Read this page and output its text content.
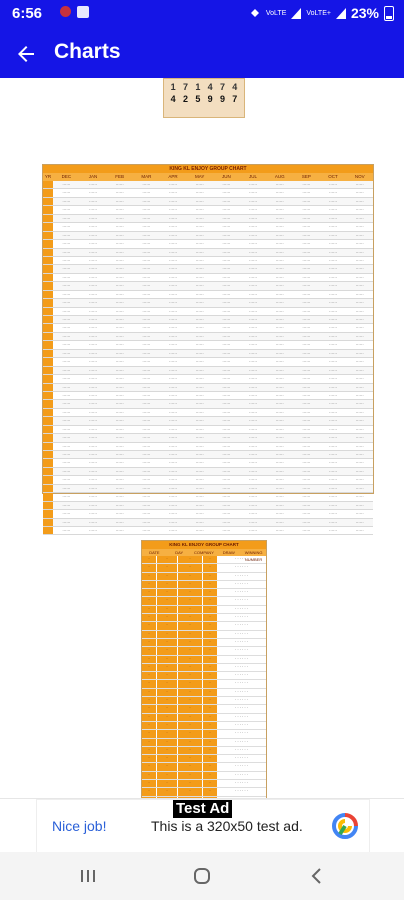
6:56	VoLTE	VoLTE+ 23%
Charts
1 7 1 4 7 4
4 2 5 9 9 7
KING KL ENJOY GROUP CHART
YR	DEC	JAN	FEB	MAR	APR	MAY	JUN	JUL	AUG	SEP	OCT	NOV
······	······	······	······	······	······	······	······	······	······	······	······
······	······	······	······	······	······	······	······	······	······	······	······
······	······	······	······	······	······	······	······	······	······	······	······
······	······	······	······	······	······	······	······	······	······	······	······
······	······	······	······	······	······	······	······	······	······	······	······
······	······	······	······	······	······	······	······	······	······	······	······
······	······	······	······	······	······	······	······	······	······	······	······
······	······	······	······	······	······	······	······	······	······	······	······
······	······	······	······	······	······	······	······	······	······	······	······
······	······	······	······	······	······	······	······	······	······	······	······
······	······	······	······	······	······	······	······	······	······	······	······
······	······	······	······	······	······	······	······	······	······	······	······
······	······	······	······	······	······	······	······	······	······	······	······
······	······	······	······	······	······	······	······	······	······	······	······
······	······	······	······	······	······	······	······	······	······	······	······
······	······	······	······	······	······	······	······	······	······	······	······
······	······	······	······	······	······	······	······	······	······	······	······
······	······	······	······	······	······	······	······	······	······	······	······
······	······	······	······	······	······	······	······	······	······	······	······
······	······	······	······	······	······	······	······	······	······	······	······
······	······	······	······	······	······	······	······	······	······	······	······
······	······	······	······	······	······	······	······	······	······	······	······
······	······	······	······	······	······	······	······	······	······	······	······
······	······	······	······	······	······	······	······	······	······	······	······
······	······	······	······	······	······	······	······	······	······	······	······
······	······	······	······	······	······	······	······	······	······	······	······
······	······	······	······	······	······	······	······	······	······	······	······
······	······	······	······	······	······	······	······	······	······	······	······
······	······	······	······	······	······	······	······	······	······	······	······
······	······	······	······	······	······	······	······	······	······	······	······
······	······	······	······	······	······	······	······	······	······	······	······
······	······	······	······	······	······	······	······	······	······	······	······
······	······	······	······	······	······	······	······	······	······	······	······
······	······	······	······	······	······	······	······	······	······	······	······
······	······	······	······	······	······	······	······	······	······	······	······
······	······	······	······	······	······	······	······	······	······	······	······
······	······	······	······	······	······	······	······	······	······	······	······
······	······	······	······	······	······	······	······	······	······	······	······
······	······	······	······	······	······	······	······	······	······	······	······
······	······	······	······	······	······	······	······	······	······	······	······
······	······	······	······	······	······	······	······	······	······	······	······
······	······	······	······	······	······	······	······	······	······	······	······
KING KL ENJOY GROUP CHART
DATE	DAY	COMPANY	DRAW	WINNING NUMBER
·	·	·	·	· · · · · ·
·	·	·	·	· · · · · ·
·	·	·	·	· · · · · ·
·	·	·	·	· · · · · ·
·	·	·	·	· · · · · ·
·	·	·	·	· · · · · ·
·	·	·	·	· · · · · ·
·	·	·	·	· · · · · ·
·	·	·	·	· · · · · ·
·	·	·	·	· · · · · ·
·	·	·	·	· · · · · ·
·	·	·	·	· · · · · ·
·	·	·	·	· · · · · ·
·	·	·	·	· · · · · ·
·	·	·	·	· · · · · ·
·	·	·	·	· · · · · ·
·	·	·	·	· · · · · ·
·	·	·	·	· · · · · ·
·	·	·	·	· · · · · ·
·	·	·	·	· · · · · ·
·	·	·	·	· · · · · ·
·	·	·	·	· · · · · ·
·	·	·	·	· · · · · ·
·	·	·	·	· · · · · ·
·	·	·	·	· · · · · ·
·	·	·	·	· · · · · ·
·	·	·	·	· · · · · ·
·	·	·	·	· · · · · ·
·	·	·	·	· · · · · ·
Test Ad
Nice job!	This is a 320x50 test ad.
